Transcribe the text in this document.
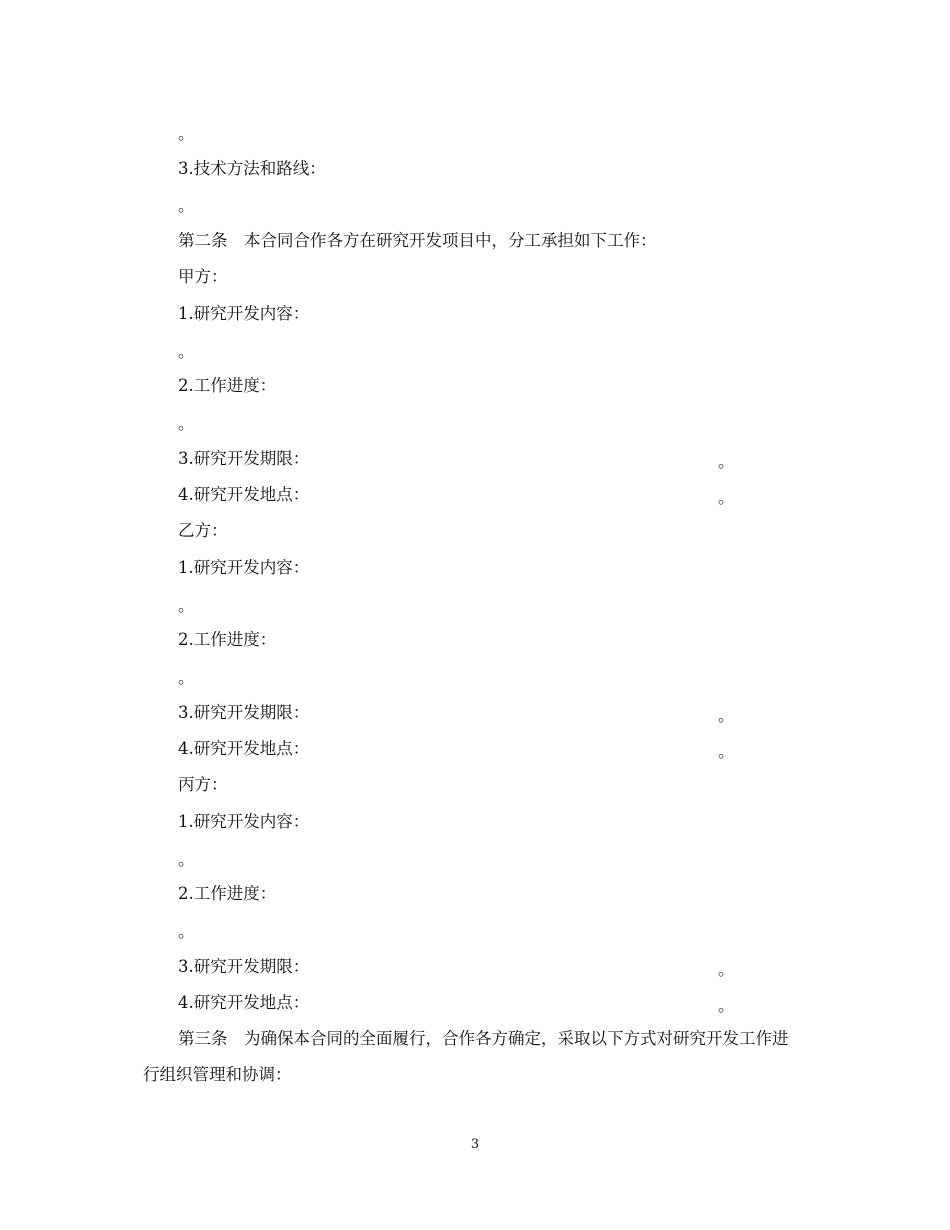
。
3.技术方法和路线：
。
第二条　本合同合作各方在研究开发项目中，分工承担如下工作：
甲方：
1.研究开发内容：
。
2.工作进度：
。
3.研究开发期限：	。
4.研究开发地点：	。
乙方：
1.研究开发内容：
。
2.工作进度：
。
3.研究开发期限：	。
4.研究开发地点：	。
丙方：
1.研究开发内容：
。
2.工作进度：
。
3.研究开发期限：	。
4.研究开发地点：	。
第三条　为确保本合同的全面履行，合作各方确定，采取以下方式对研究开发工作进行组织管理和协调：
3
